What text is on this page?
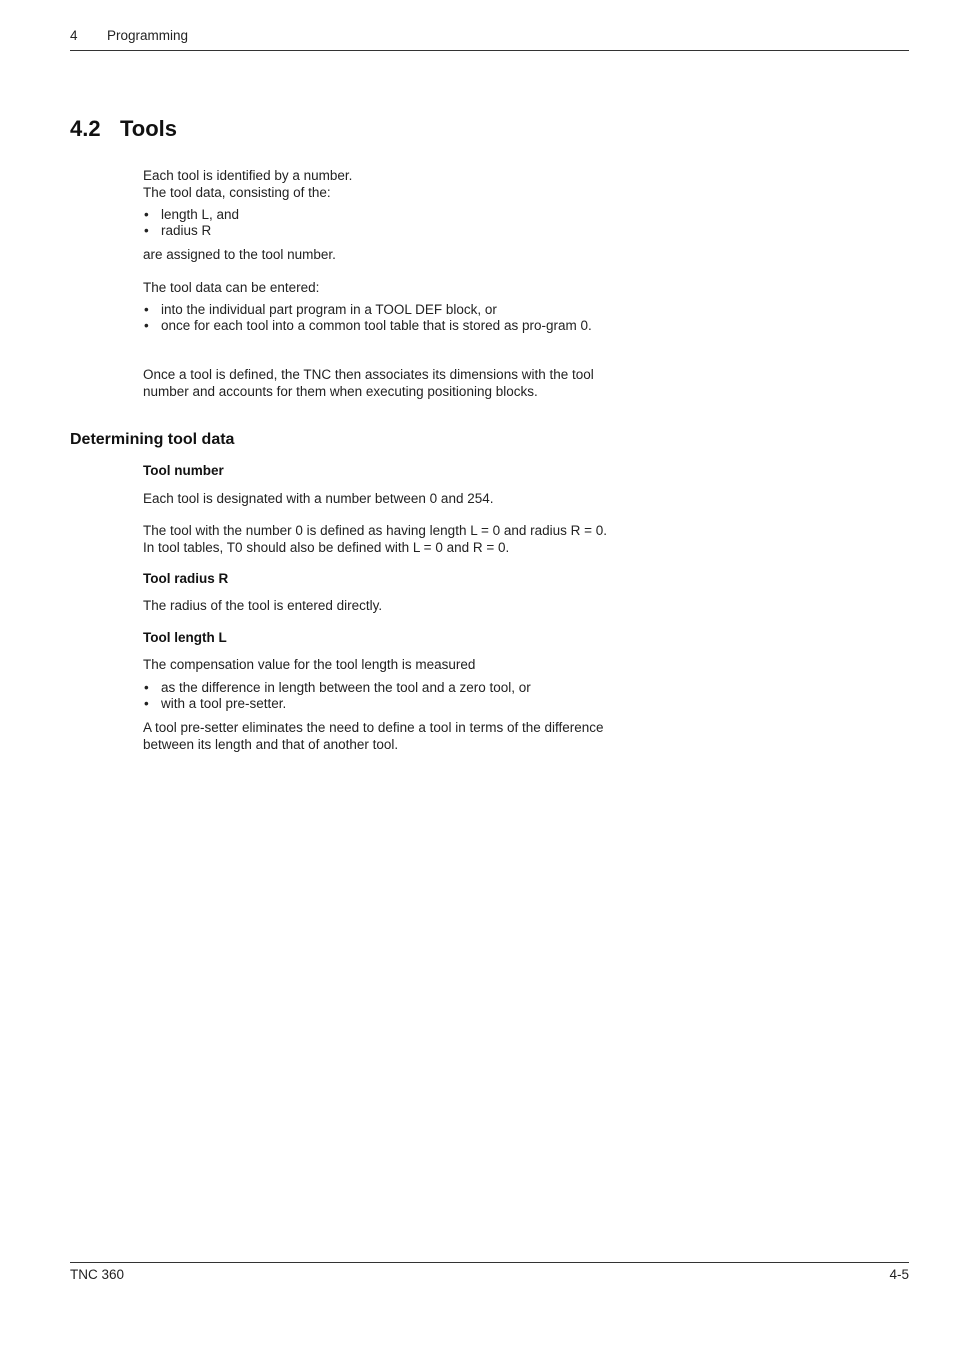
4 Programming
4.2 Tools

Each tool is identified by a number.

The tool data, consisting of the:

• length L, and
• radius R

are assigned to the tool number.

The tool data can be entered:

• into the individual part program in a TOOL DEF block, or
• once for each tool into a common tool table that is stored as pro-gram 0.

Once a tool is defined, the TNC then associates its dimensions with the tool number and accounts for them when executing positioning blocks.

Determining tool data
Tool number

Each tool is designated with a number between 0 and 254.

The tool with the number 0 is defined as having length L = 0 and radius R = 0. In tool tables, T0 should also be defined with L = 0 and R = 0.

Tool radius R

The radius of the tool is entered directly.

Tool length L

The compensation value for the tool length is measured

• as the difference in length between the tool and a zero tool, or
• with a tool pre-setter.

A tool pre-setter eliminates the need to define a tool in terms of the difference between its length and that of another tool.

TNC 360	4-5
